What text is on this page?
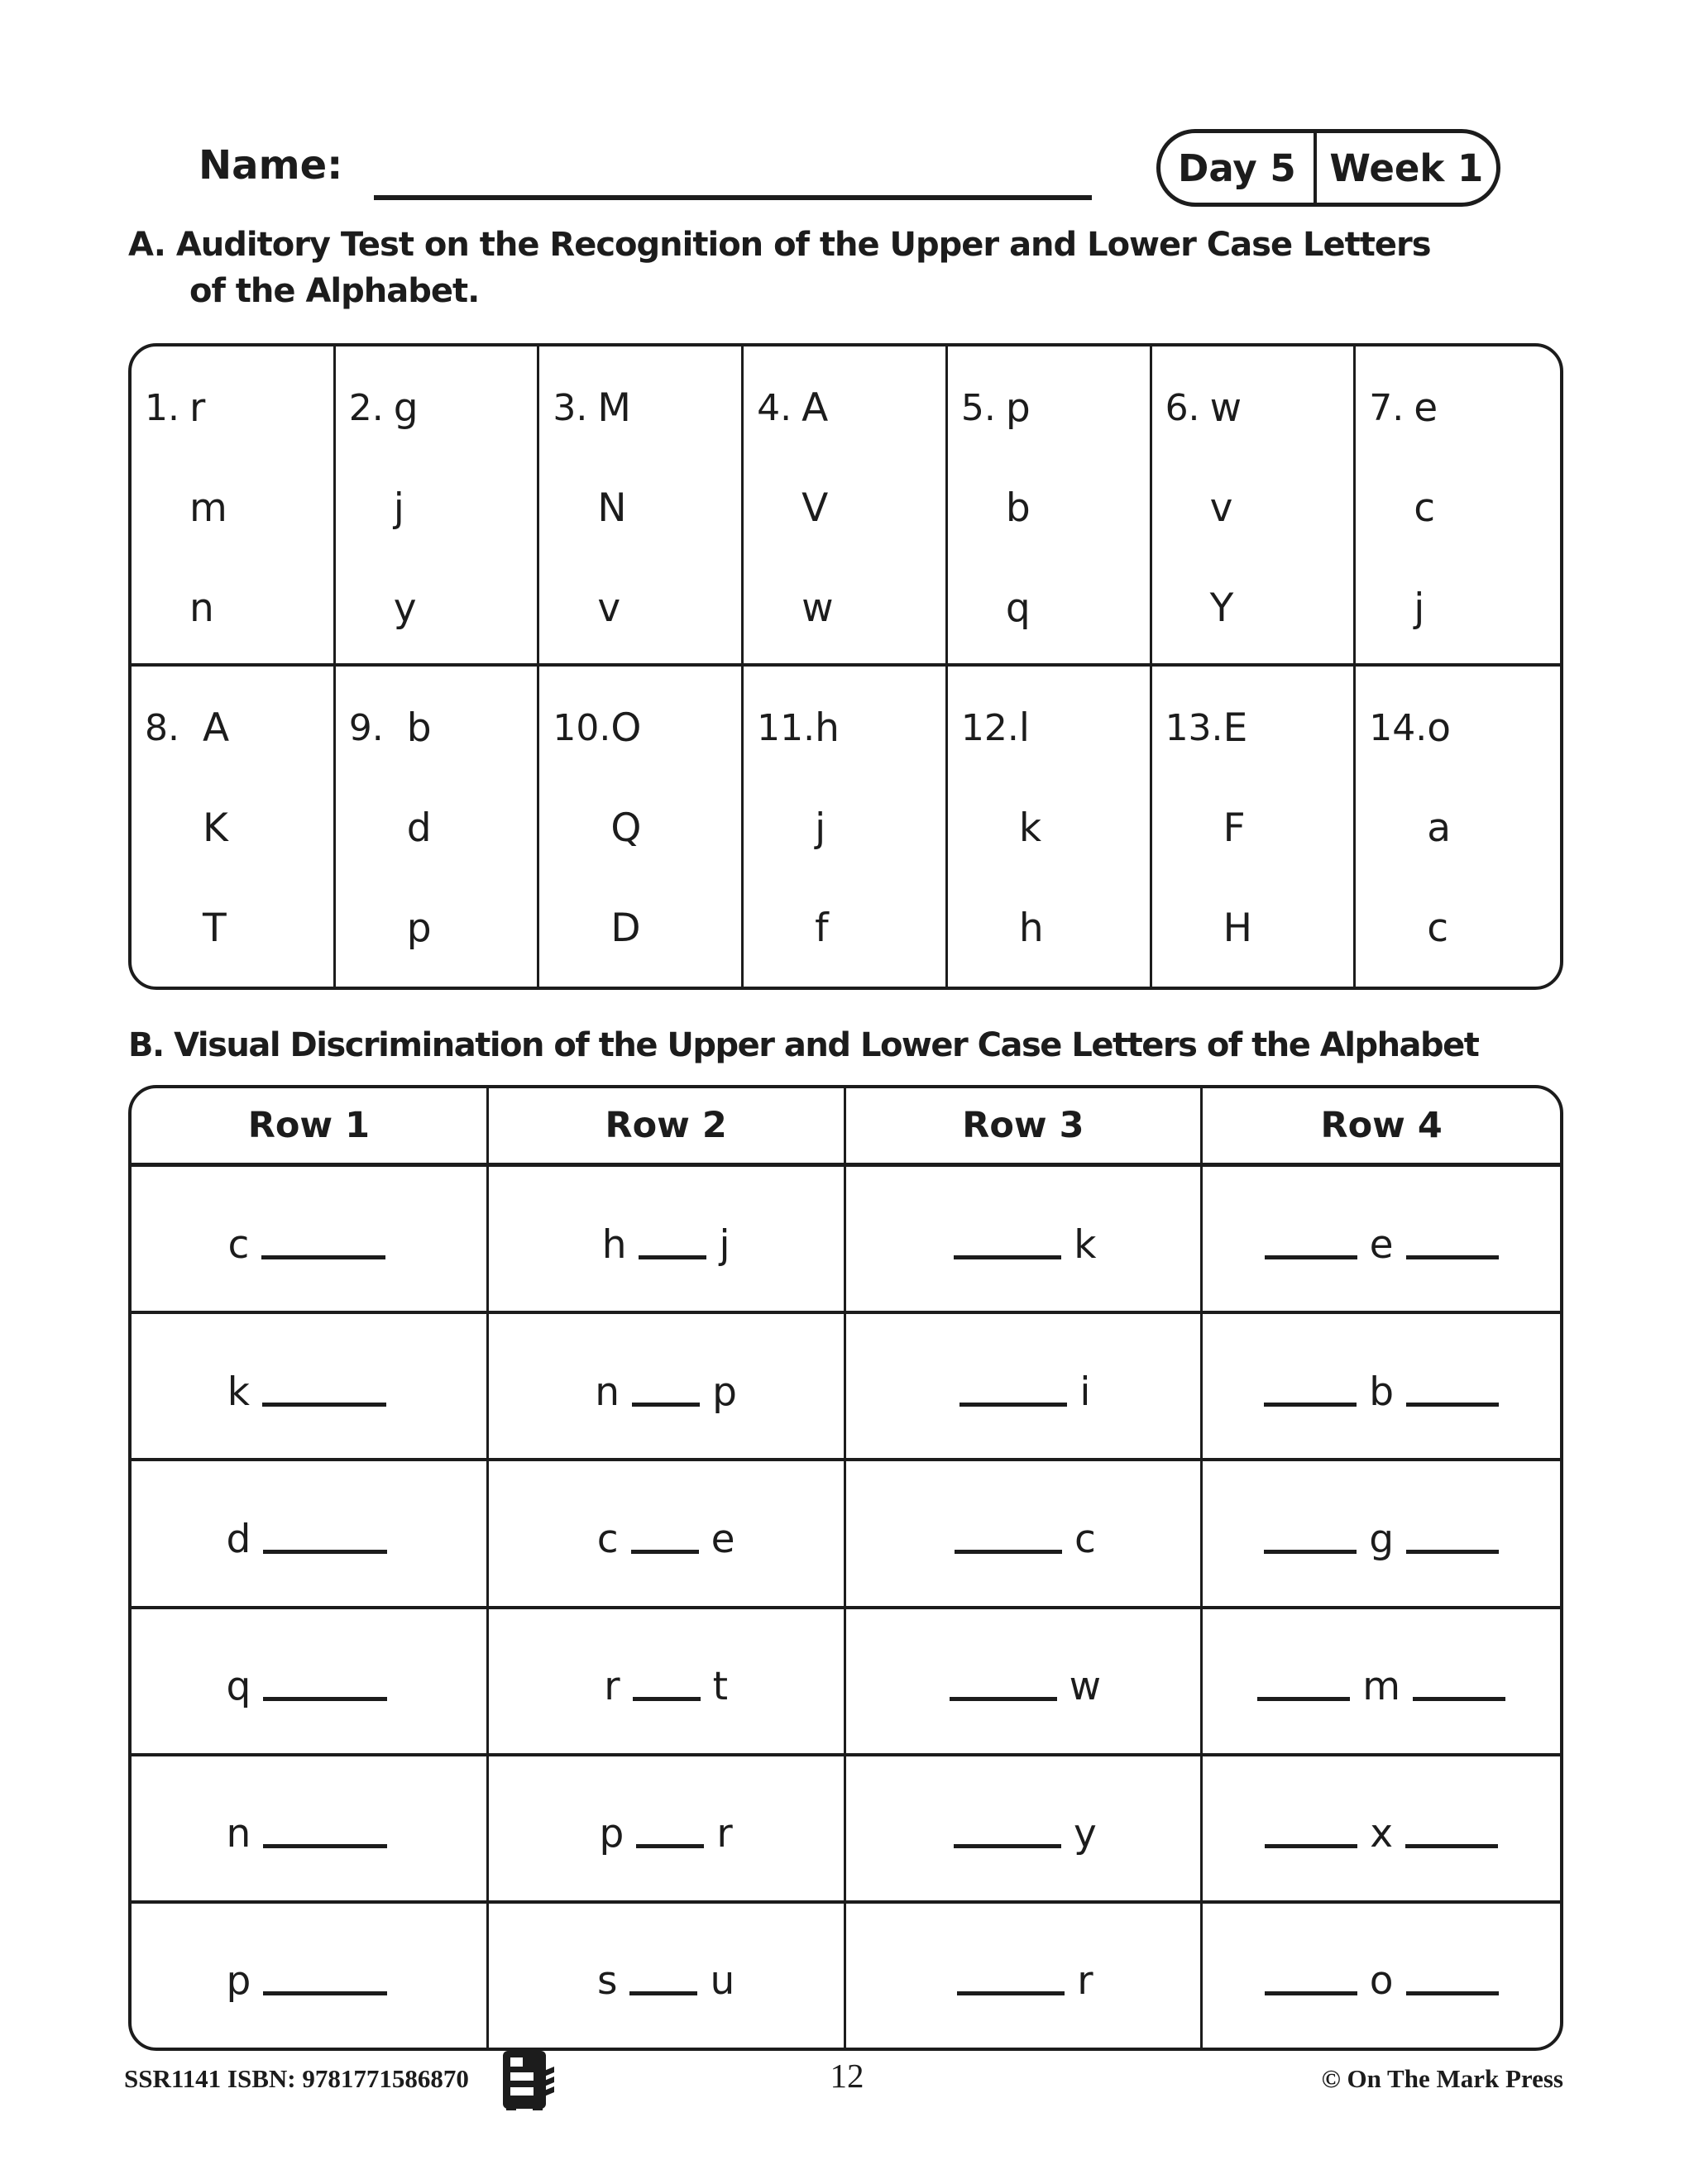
Name:	Day 5 Week 1
A. Auditory Test on the Recognition of the Upper and Lower Case Letters
of the Alphabet.
1. r
m
n
2. g
j
y
3. M
N
v
4. A
V
w
5. p
b
q
6. w
v
Y
7. e
c
j
8. A
K
T
9. b
d
p
10. O
Q
D
11. h
j
f
12. l
k
h
13. E
F
H
14. o
a
c
B. Visual Discrimination of the Upper and Lower Case Letters of the Alphabet
Row 1	Row 2	Row 3	Row 4
c	h j	k	e
k	n p	i	b
d	c e	c	g
q	r t	w	m
n	p r	y	x
p	s u	r	o
SSR1141 ISBN: 9781771586870	12	© On The Mark Press
